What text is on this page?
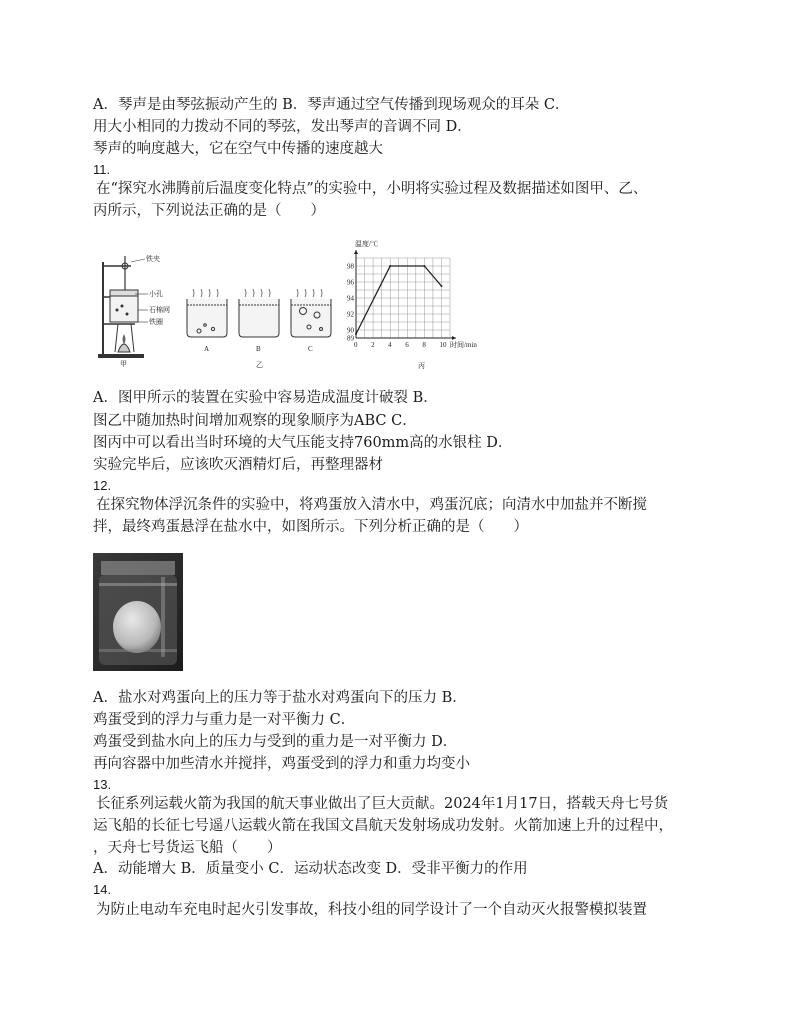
A．琴声是由琴弦振动产生的 B．琴声通过空气传播到现场观众的耳朵 C．
用大小相同的力拨动不同的琴弦，发出琴声的音调不同 D．
琴声的响度越大，它在空气中传播的速度越大
11.
在“探究水沸腾前后温度变化特点”的实验中，小明将实验过程及数据描述如图甲、乙、
丙所示，下列说法正确的是（　　）
铁夹
小孔
石棉网
铁圈
甲
A	B	C
乙
0 2 4 6 8 10
89
90
92
94
96
98
温度/℃
时间/min
丙
A．图甲所示的装置在实验中容易造成温度计破裂 B．
图乙中随加热时间增加观察的现象顺序为ABC C．
图丙中可以看出当时环境的大气压能支持760mm高的水银柱 D．
实验完毕后，应该吹灭酒精灯后，再整理器材
12.
在探究物体浮沉条件的实验中，将鸡蛋放入清水中，鸡蛋沉底；向清水中加盐并不断搅
拌，最终鸡蛋悬浮在盐水中，如图所示。下列分析正确的是（　　）
A．盐水对鸡蛋向上的压力等于盐水对鸡蛋向下的压力 B．
鸡蛋受到的浮力与重力是一对平衡力 C．
鸡蛋受到盐水向上的压力与受到的重力是一对平衡力 D．
再向容器中加些清水并搅拌，鸡蛋受到的浮力和重力均变小
13.
长征系列运载火箭为我国的航天事业做出了巨大贡献。2024年1月17日，搭载天舟七号货
运飞船的长征七号遥八运载火箭在我国文昌航天发射场成功发射。火箭加速上升的过程中，
，天舟七号货运飞船（　　）
A．动能增大 B．质量变小 C．运动状态改变 D．受非平衡力的作用
14.
为防止电动车充电时起火引发事故，科技小组的同学设计了一个自动灭火报警模拟装置
